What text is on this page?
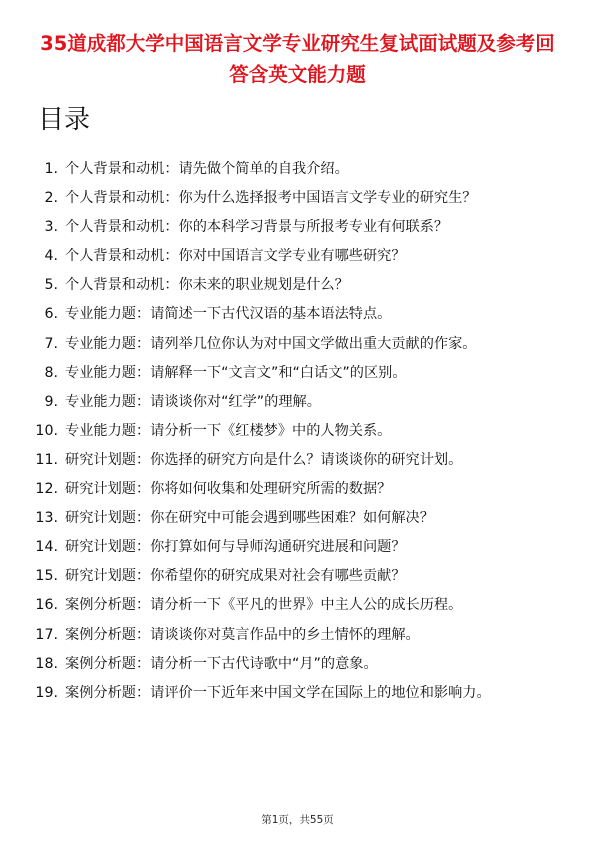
35道成都大学中国语言文学专业研究生复试面试题及参考回答含英文能力题
目录
1. 个人背景和动机：请先做个简单的自我介绍。
2. 个人背景和动机：你为什么选择报考中国语言文学专业的研究生？
3. 个人背景和动机：你的本科学习背景与所报考专业有何联系？
4. 个人背景和动机：你对中国语言文学专业有哪些研究？
5. 个人背景和动机：你未来的职业规划是什么？
6. 专业能力题：请简述一下古代汉语的基本语法特点。
7. 专业能力题：请列举几位你认为对中国文学做出重大贡献的作家。
8. 专业能力题：请解释一下“文言文”和“白话文”的区别。
9. 专业能力题：请谈谈你对“红学”的理解。
10. 专业能力题：请分析一下《红楼梦》中的人物关系。
11. 研究计划题：你选择的研究方向是什么？请谈谈你的研究计划。
12. 研究计划题：你将如何收集和处理研究所需的数据？
13. 研究计划题：你在研究中可能会遇到哪些困难？如何解决？
14. 研究计划题：你打算如何与导师沟通研究进展和问题？
15. 研究计划题：你希望你的研究成果对社会有哪些贡献？
16. 案例分析题：请分析一下《平凡的世界》中主人公的成长历程。
17. 案例分析题：请谈谈你对莫言作品中的乡土情怀的理解。
18. 案例分析题：请分析一下古代诗歌中“月”的意象。
19. 案例分析题：请评价一下近年来中国文学在国际上的地位和影响力。
第1页，共55页
